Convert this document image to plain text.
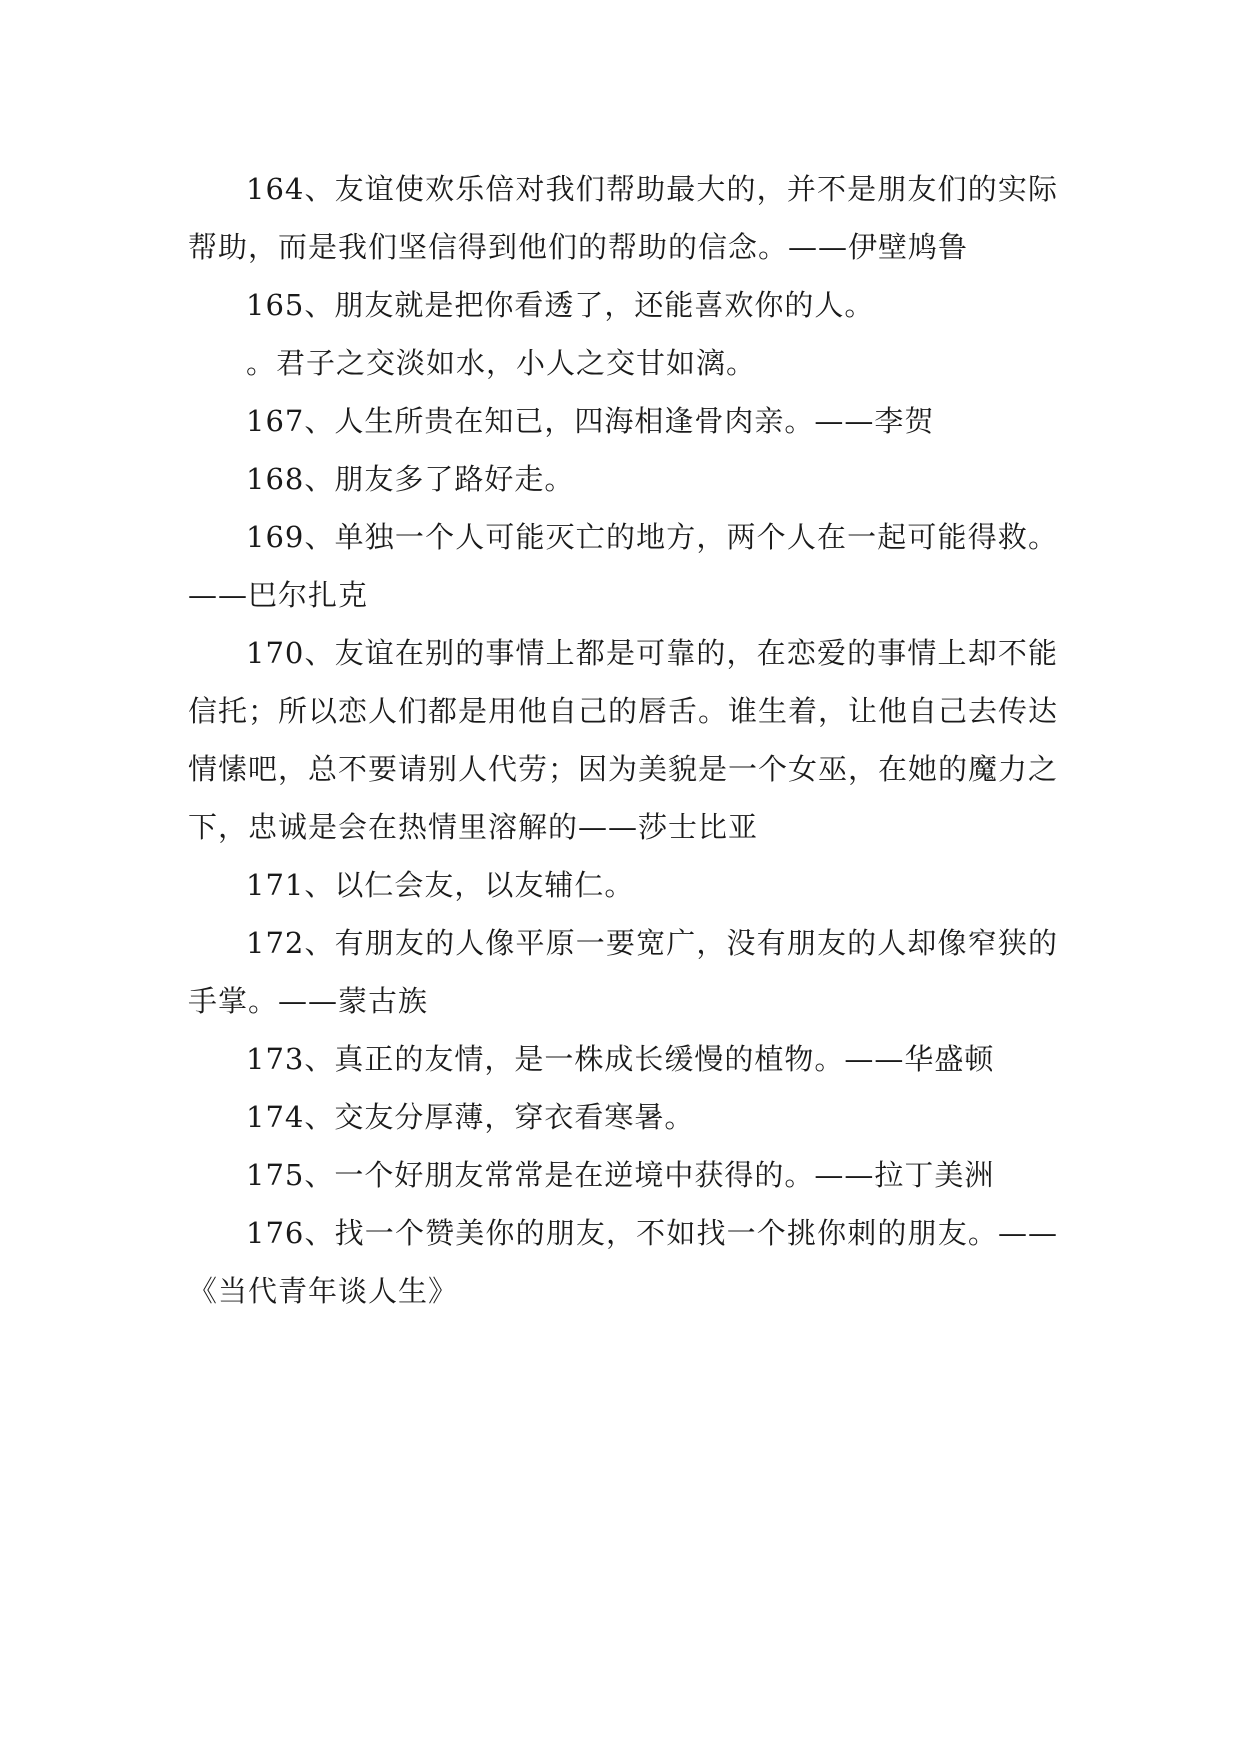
164、友谊使欢乐倍对我们帮助最大的，并不是朋友们的实际帮助，而是我们坚信得到他们的帮助的信念。——伊壁鸠鲁

165、朋友就是把你看透了，还能喜欢你的人。

。君子之交淡如水，小人之交甘如漓。

167、人生所贵在知已，四海相逢骨肉亲。——李贺

168、朋友多了路好走。

169、单独一个人可能灭亡的地方，两个人在一起可能得救。——巴尔扎克

170、友谊在别的事情上都是可靠的，在恋爱的事情上却不能信托；所以恋人们都是用他自己的唇舌。谁生着，让他自己去传达情愫吧，总不要请别人代劳；因为美貌是一个女巫，在她的魔力之下，忠诚是会在热情里溶解的——莎士比亚

171、以仁会友，以友辅仁。

172、有朋友的人像平原一要宽广，没有朋友的人却像窄狭的手掌。——蒙古族

173、真正的友情，是一株成长缓慢的植物。——华盛顿

174、交友分厚薄，穿衣看寒暑。

175、一个好朋友常常是在逆境中获得的。——拉丁美洲

176、找一个赞美你的朋友，不如找一个挑你刺的朋友。——《当代青年谈人生》
